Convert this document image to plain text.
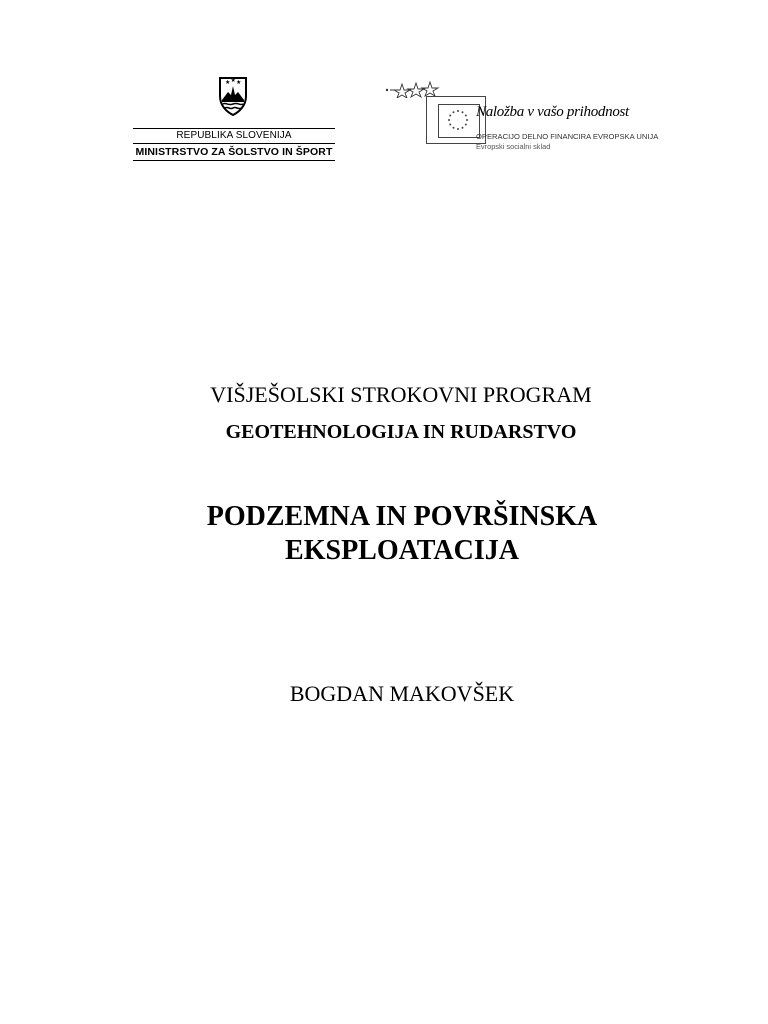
★ ★ ★
REPUBLIKA SLOVENIJA
MINISTRSTVO ZA ŠOLSTVO IN ŠPORT
Naložba v vašo prihodnost
OPERACIJO DELNO FINANCIRA EVROPSKA UNIJA
Evropski socialni sklad
VIŠJEŠOLSKI STROKOVNI PROGRAM
GEOTEHNOLOGIJA IN RUDARSTVO
PODZEMNA IN POVRŠINSKA
EKSPLOATACIJA
BOGDAN MAKOVŠEK
